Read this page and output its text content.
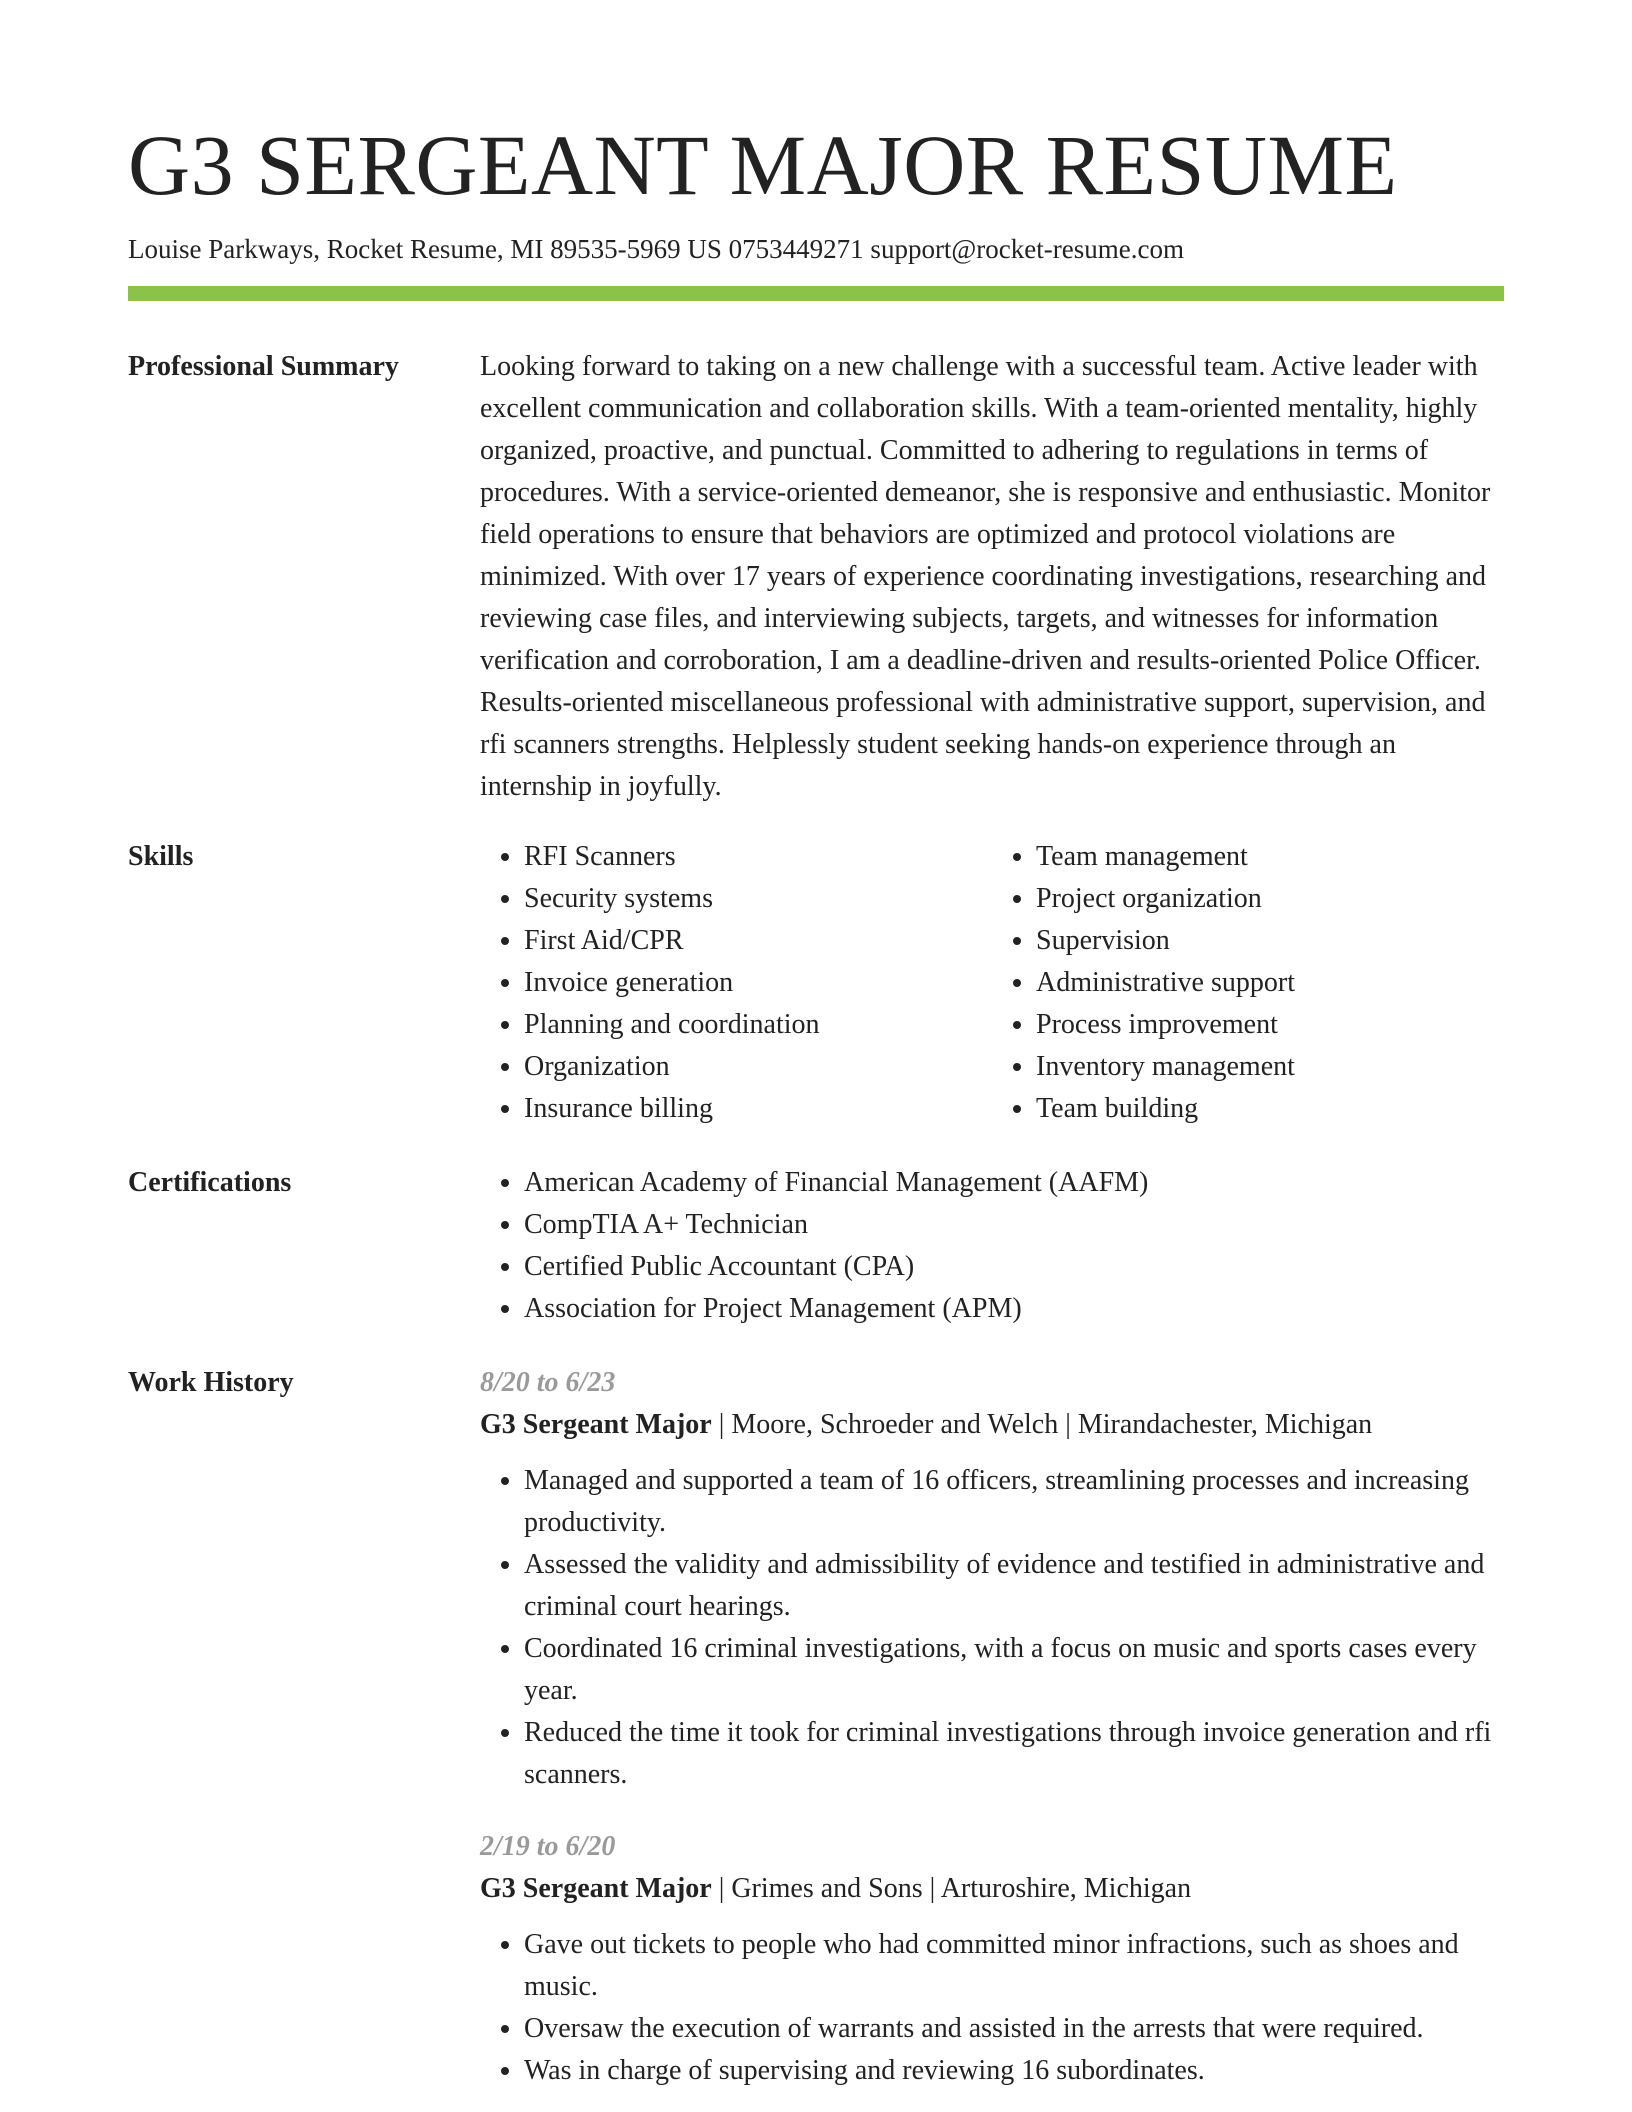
G3 SERGEANT MAJOR RESUME
Louise Parkways, Rocket Resume, MI 89535-5969 US 0753449271 support@rocket-resume.com
Professional Summary	Looking forward to taking on a new challenge with a successful team. Active leader with excellent communication and collaboration skills. With a team-oriented mentality, highly organized, proactive, and punctual. Committed to adhering to regulations in terms of procedures. With a service-oriented demeanor, she is responsive and enthusiastic. Monitor field operations to ensure that behaviors are optimized and protocol violations are minimized. With over 17 years of experience coordinating investigations, researching and reviewing case files, and interviewing subjects, targets, and witnesses for information verification and corroboration, I am a deadline-driven and results-oriented Police Officer. Results-oriented miscellaneous professional with administrative support, supervision, and rfi scanners strengths. Helplessly student seeking hands-on experience through an internship in joyfully.

Skills	• RFI Scanners
• Security systems
• First Aid/CPR
• Invoice generation
• Planning and coordination
• Organization
• Insurance billing
• Team management
• Project organization
• Supervision
• Administrative support
• Process improvement
• Inventory management
• Team building
Certifications	• American Academy of Financial Management (AAFM)
• CompTIA A+ Technician
• Certified Public Accountant (CPA)
• Association for Project Management (APM)
Work History	8/20 to 6/23
G3 Sergeant Major | Moore, Schroeder and Welch | Mirandachester, Michigan
• Managed and supported a team of 16 officers, streamlining processes and increasing productivity.
• Assessed the validity and admissibility of evidence and testified in administrative and criminal court hearings.
• Coordinated 16 criminal investigations, with a focus on music and sports cases every year.
• Reduced the time it took for criminal investigations through invoice generation and rfi scanners.
2/19 to 6/20
G3 Sergeant Major | Grimes and Sons | Arturoshire, Michigan
• Gave out tickets to people who had committed minor infractions, such as shoes and music.
• Oversaw the execution of warrants and assisted in the arrests that were required.
• Was in charge of supervising and reviewing 16 subordinates.
